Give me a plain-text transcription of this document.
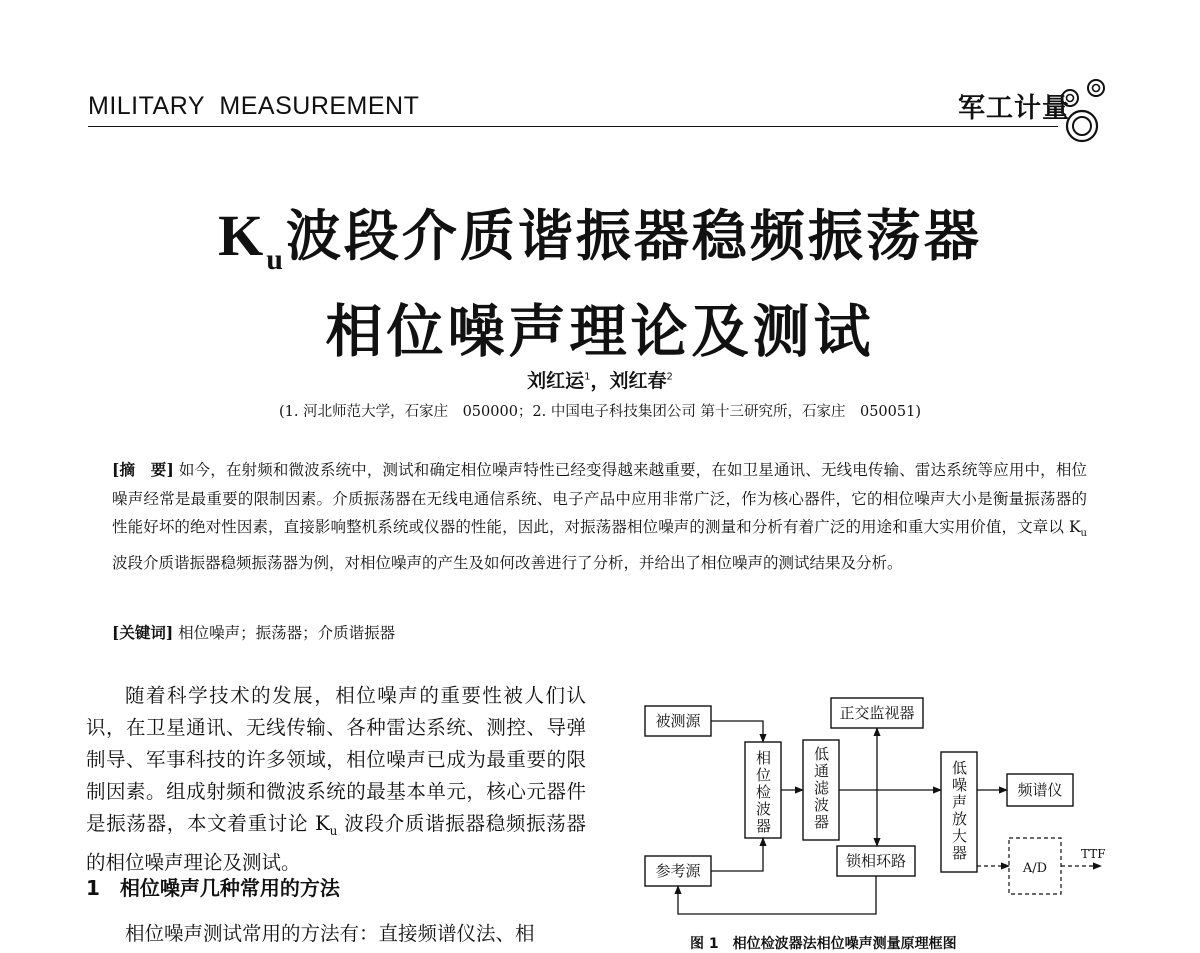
MILITARY  MEASUREMENT	军工计量
$K_u$波段介质谐振器稳频振荡器
相位噪声理论及测试
刘红运$^1$，刘红春$^2$
(1. 河北师范大学，石家庄　050000；2. 中国电子科技集团公司 第十三研究所，石家庄　050051)
[摘　要] 如今，在射频和微波系统中，测试和确定相位噪声特性已经变得越来越重要，在如卫星通讯、无线电传输、雷达系统等应用中，相位噪声经常是最重要的限制因素。介质振荡器在无线电通信系统、电子产品中应用非常广泛，作为核心器件，它的相位噪声大小是衡量振荡器的性能好坏的绝对性因素，直接影响整机系统或仪器的性能，因此，对振荡器相位噪声的测量和分析有着广泛的用途和重大实用价值，文章以 $K_u$ 波段介质谐振器稳频振荡器为例，对相位噪声的产生及如何改善进行了分析，并给出了相位噪声的测试结果及分析。
[关键词] 相位噪声；振荡器；介质谐振器

随着科学技术的发展，相位噪声的重要性被人们认识，在卫星通讯、无线传输、各种雷达系统、测控、导弹制导、军事科技的许多领域，相位噪声已成为最重要的限制因素。组成射频和微波系统的最基本单元，核心元器件是振荡器，本文着重讨论 $K_u$ 波段介质谐振器稳频振荡器的相位噪声理论及测试。

1　相位噪声几种常用的方法
相位噪声测试常用的方法有：直接频谱仪法、相
被测源
参考源
相位检波器	低通滤波器
正交监视器
锁相环路	低噪声放大器	频谱仪
A/D
TTF
图 1　相位检波器法相位噪声测量原理框图
